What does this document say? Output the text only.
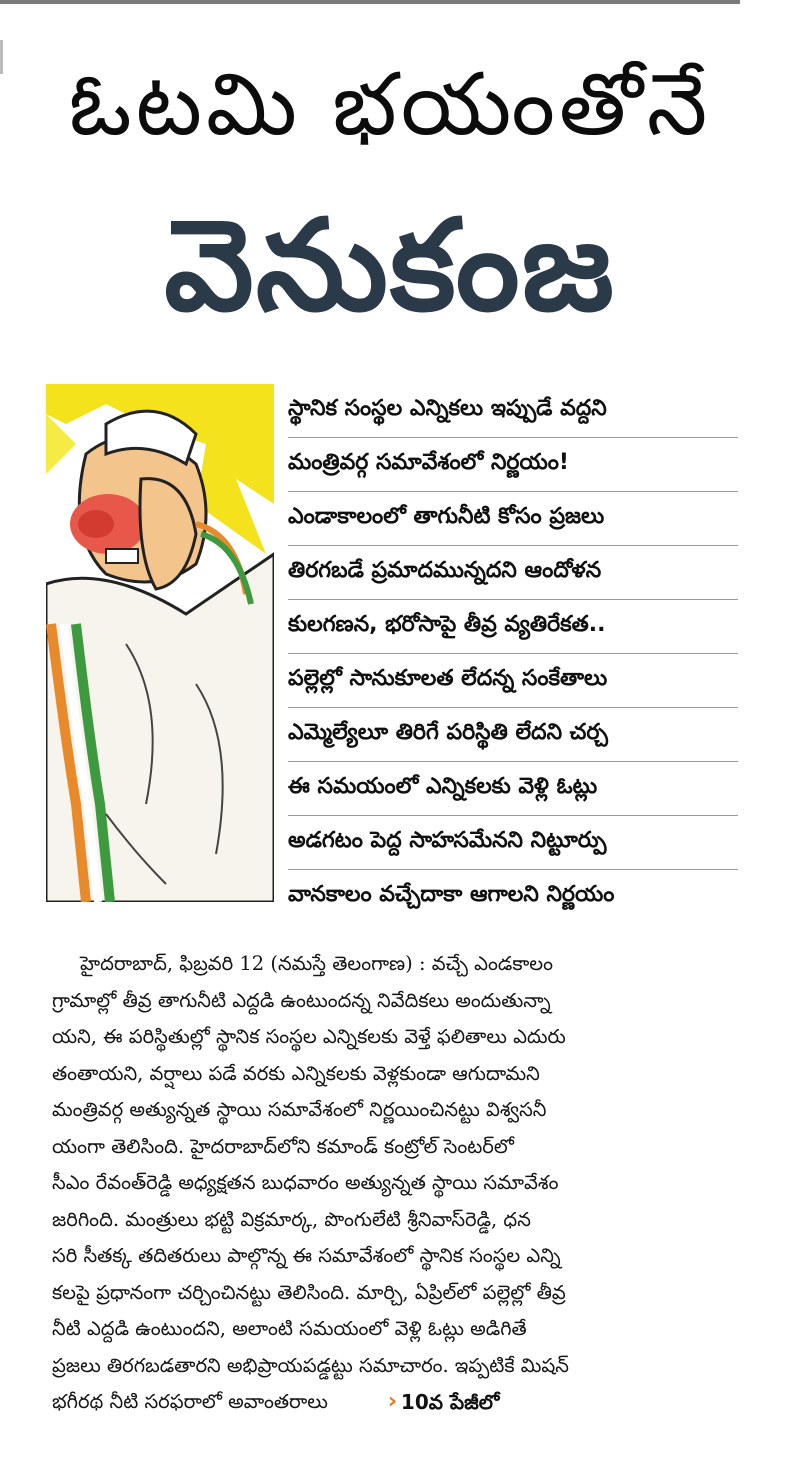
ఓటమి భయంతోనే
వెనుకంజ
స్థానిక సంస్థల ఎన్నికలు ఇప్పుడే వద్దని
మంత్రివర్గ సమావేశంలో నిర్ణయం!
ఎండాకాలంలో తాగునీటి కోసం ప్రజలు
తిరగబడే ప్రమాదమున్నదని ఆందోళన
కులగణన, భరోసాపై తీవ్ర వ్యతిరేకత..
పల్లెల్లో సానుకూలత లేదన్న సంకేతాలు
ఎమ్మెల్యేలూ తిరిగే పరిస్థితి లేదని చర్చ
ఈ సమయంలో ఎన్నికలకు వెళ్లి ఓట్లు
అడగటం పెద్ద సాహసమేనని నిట్టూర్పు
వానకాలం వచ్చేదాకా ఆగాలని నిర్ణయం
హైదరాబాద్, ఫిబ్రవరి 12 (నమస్తే తెలంగాణ) : వచ్చే ఎండకాలం
గ్రామాల్లో తీవ్ర తాగునీటి ఎద్దడి ఉంటుందన్న నివేదికలు అందుతున్నా
యని, ఈ పరిస్థితుల్లో స్థానిక సంస్థల ఎన్నికలకు వెళ్తే ఫలితాలు ఎదురు
తంతాయని, వర్షాలు పడే వరకు ఎన్నికలకు వెళ్లకుండా ఆగుదామని
మంత్రివర్గ అత్యున్నత స్థాయి సమావేశంలో నిర్ణయించినట్టు విశ్వసనీ
యంగా తెలిసింది. హైదరాబాద్‌లోని కమాండ్ కంట్రోల్ సెంటర్‌లో
సీఎం రేవంత్‌రెడ్డి అధ్యక్షతన బుధవారం అత్యున్నత స్థాయి సమావేశం
జరిగింది. మంత్రులు భట్టి విక్రమార్క, పొంగులేటి శ్రీనివాస్‌రెడ్డి, ధన
సరి సీతక్క తదితరులు పాల్గొన్న ఈ సమావేశంలో స్థానిక సంస్థల ఎన్ని
కలపై ప్రధానంగా చర్చించినట్టు తెలిసింది. మార్చి, ఏప్రిల్‌లో పల్లెల్లో తీవ్ర
నీటి ఎద్దడి ఉంటుందని, అలాంటి సమయంలో వెళ్లి ఓట్లు అడిగితే
ప్రజలు తిరగబడతారని అభిప్రాయపడ్డట్టు సమాచారం. ఇప్పటికే మిషన్
భగీరథ నీటి సరఫరాలో అవాంతరాలు	› 10వ పేజీలో
